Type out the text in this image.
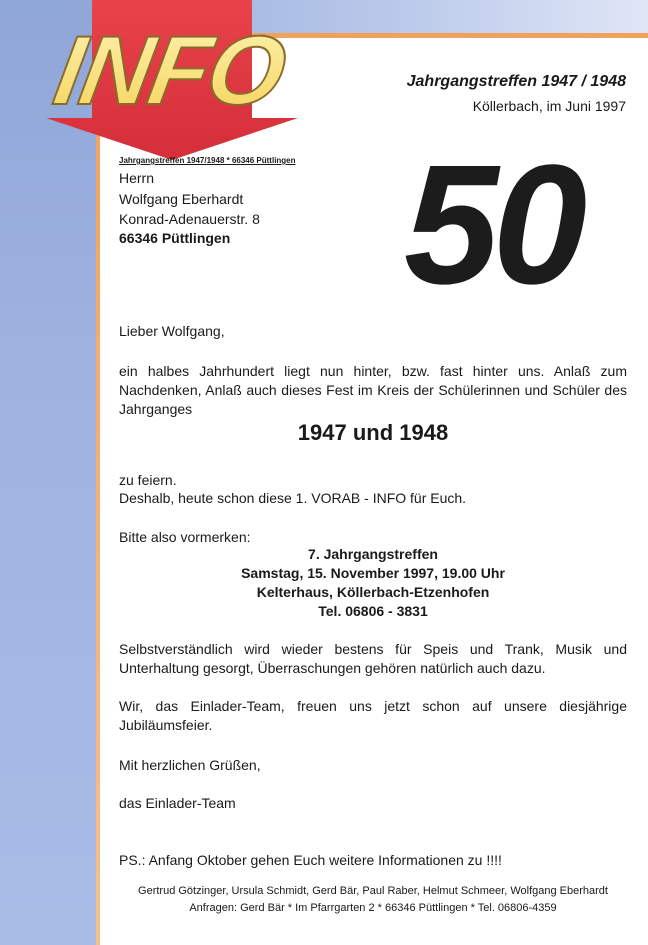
INFO	Jahrgangstreffen 1947 / 1948

Köllerbach, im Juni 1997

Jahrgangstreffen 1947/1948 * 66346 Püttlingen

Herrn

Wolfgang Eberhardt

Konrad-Adenauerstr. 8

66346 Püttlingen 50

Lieber Wolfgang,

ein halbes Jahrhundert liegt nun hinter, bzw. fast hinter uns. Anlaß zum Nachdenken, Anlaß auch dieses Fest im Kreis der Schülerinnen und Schüler des Jahrganges

1947 und 1948

zu feiern.

Deshalb, heute schon diese 1. VORAB - INFO für Euch.

Bitte also vormerken:

7. Jahrgangstreffen

Samstag, 15. November 1997, 19.00 Uhr

Kelterhaus, Köllerbach-Etzenhofen

Tel. 06806 - 3831

Selbstverständlich wird wieder bestens für Speis und Trank, Musik und Unterhaltung gesorgt, Überraschungen gehören natürlich auch dazu.

Wir, das Einlader-Team, freuen uns jetzt schon auf unsere diesjährige Jubiläumsfeier.

Mit herzlichen Grüßen,

das Einlader-Team

PS.: Anfang Oktober gehen Euch weitere Informationen zu !!!!

Gertrud Götzinger, Ursula Schmidt, Gerd Bär, Paul Raber, Helmut Schmeer, Wolfgang Eberhardt

Anfragen: Gerd Bär * Im Pfarrgarten 2 * 66346 Püttlingen * Tel. 06806-4359
